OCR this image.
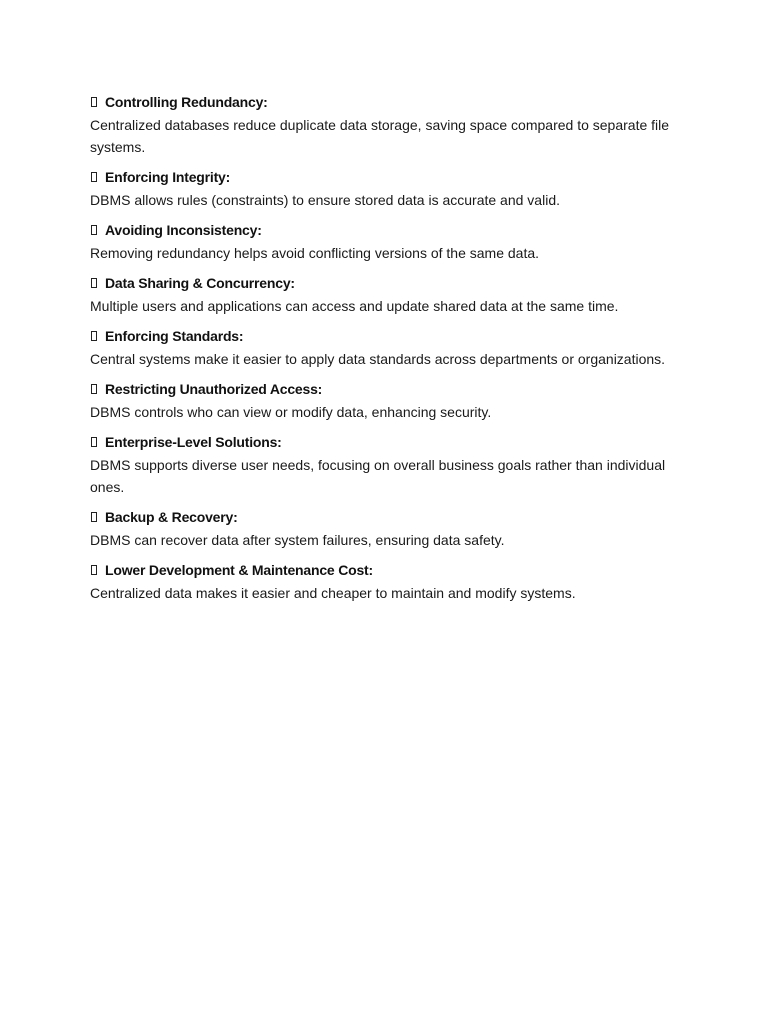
Controlling Redundancy:

Centralized databases reduce duplicate data storage, saving space compared to separate file systems.

Enforcing Integrity:

DBMS allows rules (constraints) to ensure stored data is accurate and valid.

Avoiding Inconsistency:

Removing redundancy helps avoid conflicting versions of the same data.

Data Sharing & Concurrency:

Multiple users and applications can access and update shared data at the same time.

Enforcing Standards:

Central systems make it easier to apply data standards across departments or organizations.

Restricting Unauthorized Access:

DBMS controls who can view or modify data, enhancing security.

Enterprise-Level Solutions:

DBMS supports diverse user needs, focusing on overall business goals rather than individual ones.

Backup & Recovery:

DBMS can recover data after system failures, ensuring data safety.

Lower Development & Maintenance Cost:

Centralized data makes it easier and cheaper to maintain and modify systems.
